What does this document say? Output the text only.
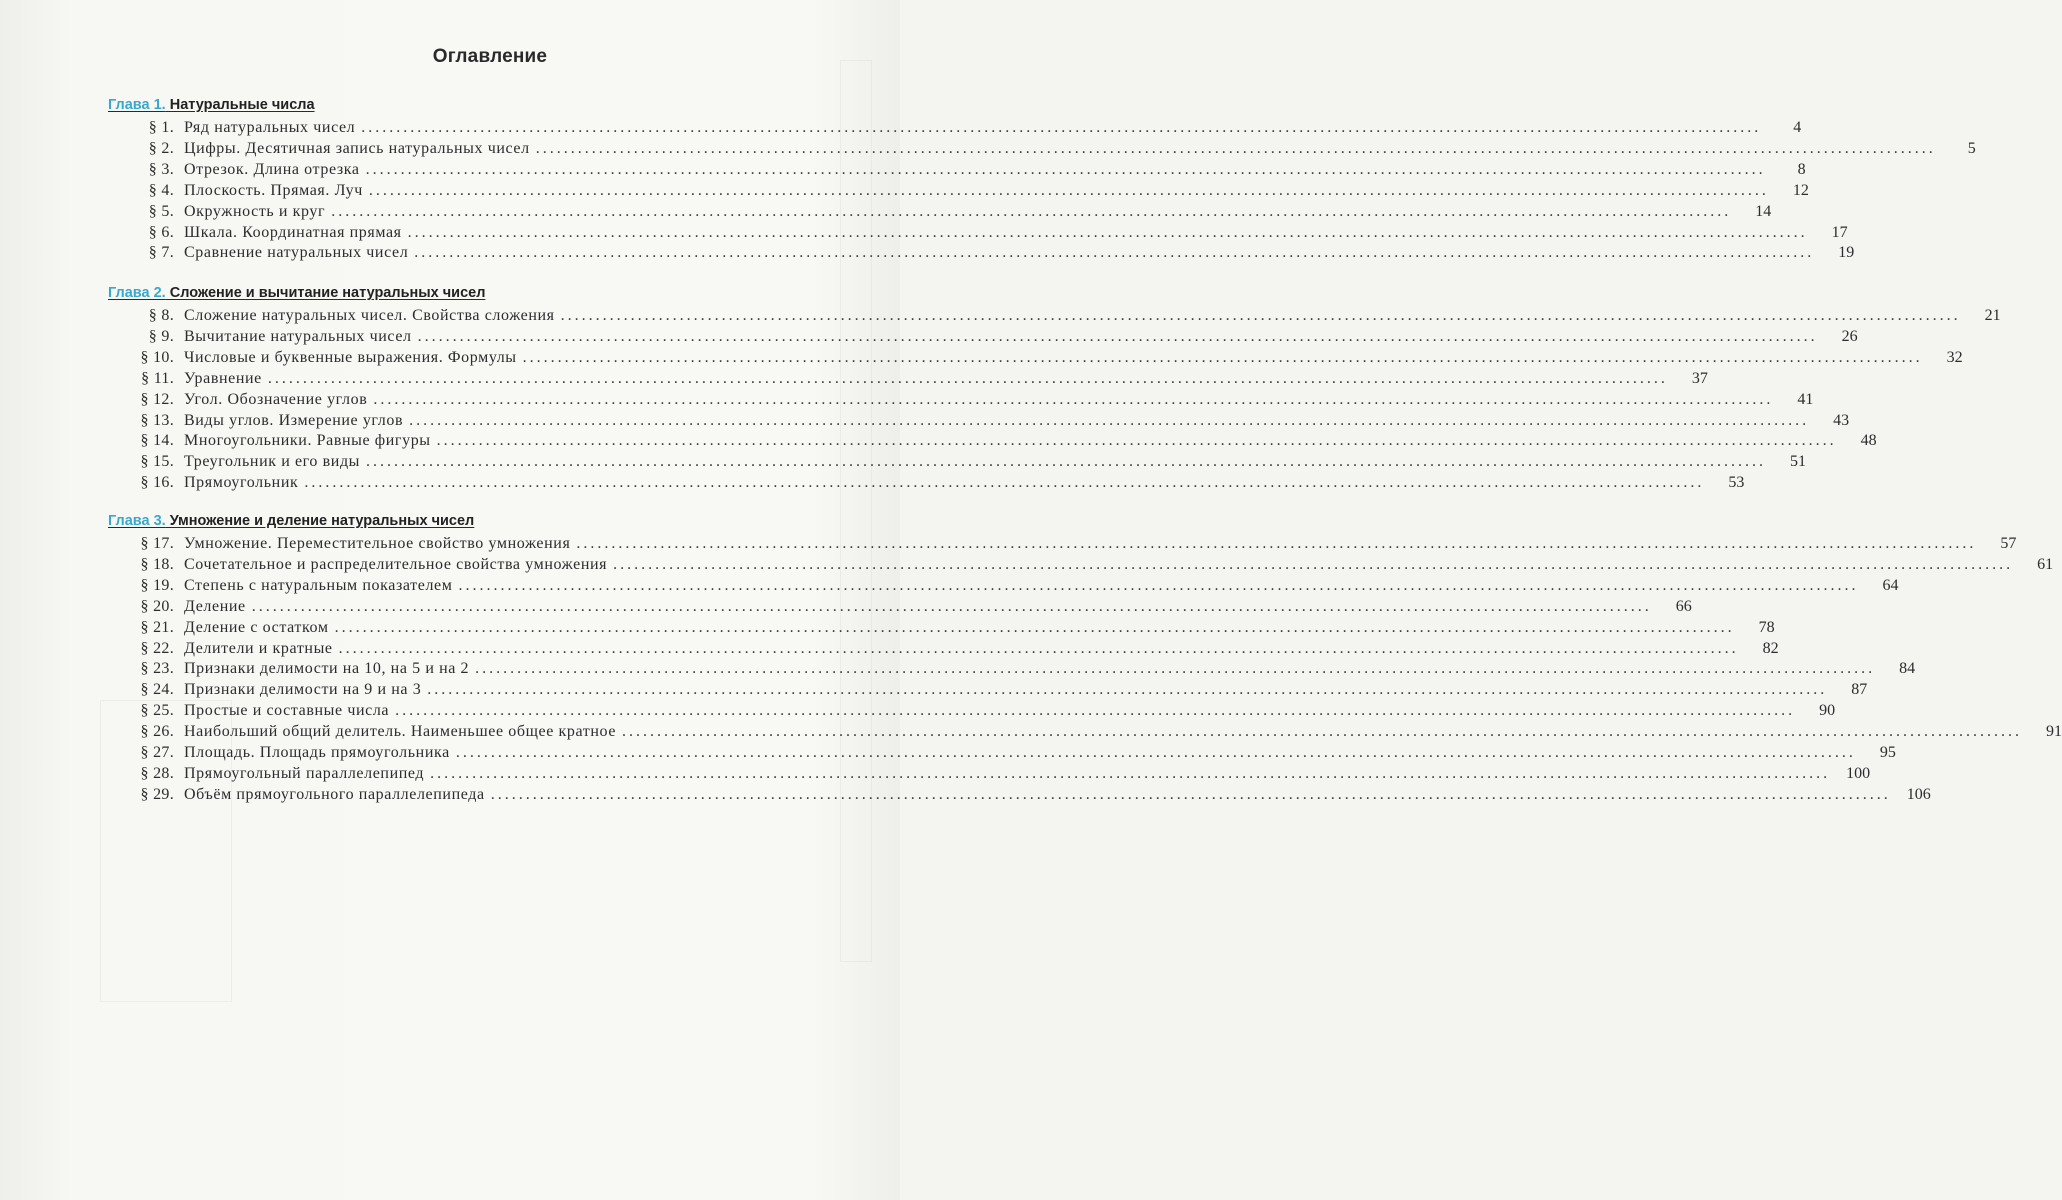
Оглавление
Глава 1. Натуральные числа
§ 1. Ряд натуральных чисел ........................................................................................................................................................................................................	4
§ 2. Цифры. Десятичная запись натуральных чисел ........................................................................................................................................................................................................	5
§ 3. Отрезок. Длина отрезка ........................................................................................................................................................................................................	8
§ 4. Плоскость. Прямая. Луч ........................................................................................................................................................................................................	12
§ 5. Окружность и круг ........................................................................................................................................................................................................	14
§ 6. Шкала. Координатная прямая ........................................................................................................................................................................................................	17
§ 7. Сравнение натуральных чисел ........................................................................................................................................................................................................	19
Глава 2. Сложение и вычитание натуральных чисел
§ 8. Сложение натуральных чисел. Свойства сложения ........................................................................................................................................................................................................	21
§ 9. Вычитание натуральных чисел ........................................................................................................................................................................................................	26
§ 10. Числовые и буквенные выражения. Формулы ........................................................................................................................................................................................................	32
§ 11. Уравнение ........................................................................................................................................................................................................	37
§ 12. Угол. Обозначение углов ........................................................................................................................................................................................................	41
§ 13. Виды углов. Измерение углов ........................................................................................................................................................................................................	43
§ 14. Многоугольники. Равные фигуры ........................................................................................................................................................................................................	48
§ 15. Треугольник и его виды ........................................................................................................................................................................................................	51
§ 16. Прямоугольник ........................................................................................................................................................................................................	53
Глава 3. Умножение и деление натуральных чисел
§ 17. Умножение. Переместительное свойство умножения ........................................................................................................................................................................................................	57
§ 18. Сочетательное и распределительное свойства умножения ........................................................................................................................................................................................................	61
§ 19. Степень с натуральным показателем ........................................................................................................................................................................................................	64
§ 20. Деление ........................................................................................................................................................................................................	66
§ 21. Деление с остатком ........................................................................................................................................................................................................	78
§ 22. Делители и кратные ........................................................................................................................................................................................................	82
§ 23. Признаки делимости на 10, на 5 и на 2 ........................................................................................................................................................................................................	84
§ 24. Признаки делимости на 9 и на 3 ........................................................................................................................................................................................................	87
§ 25. Простые и составные числа ........................................................................................................................................................................................................	90
§ 26. Наибольший общий делитель. Наименьшее общее кратное ........................................................................................................................................................................................................	91
§ 27. Площадь. Площадь прямоугольника ........................................................................................................................................................................................................	95
§ 28. Прямоугольный параллелепипед ........................................................................................................................................................................................................	100
§ 29. Объём прямоугольного параллелепипеда ........................................................................................................................................................................................................	106
